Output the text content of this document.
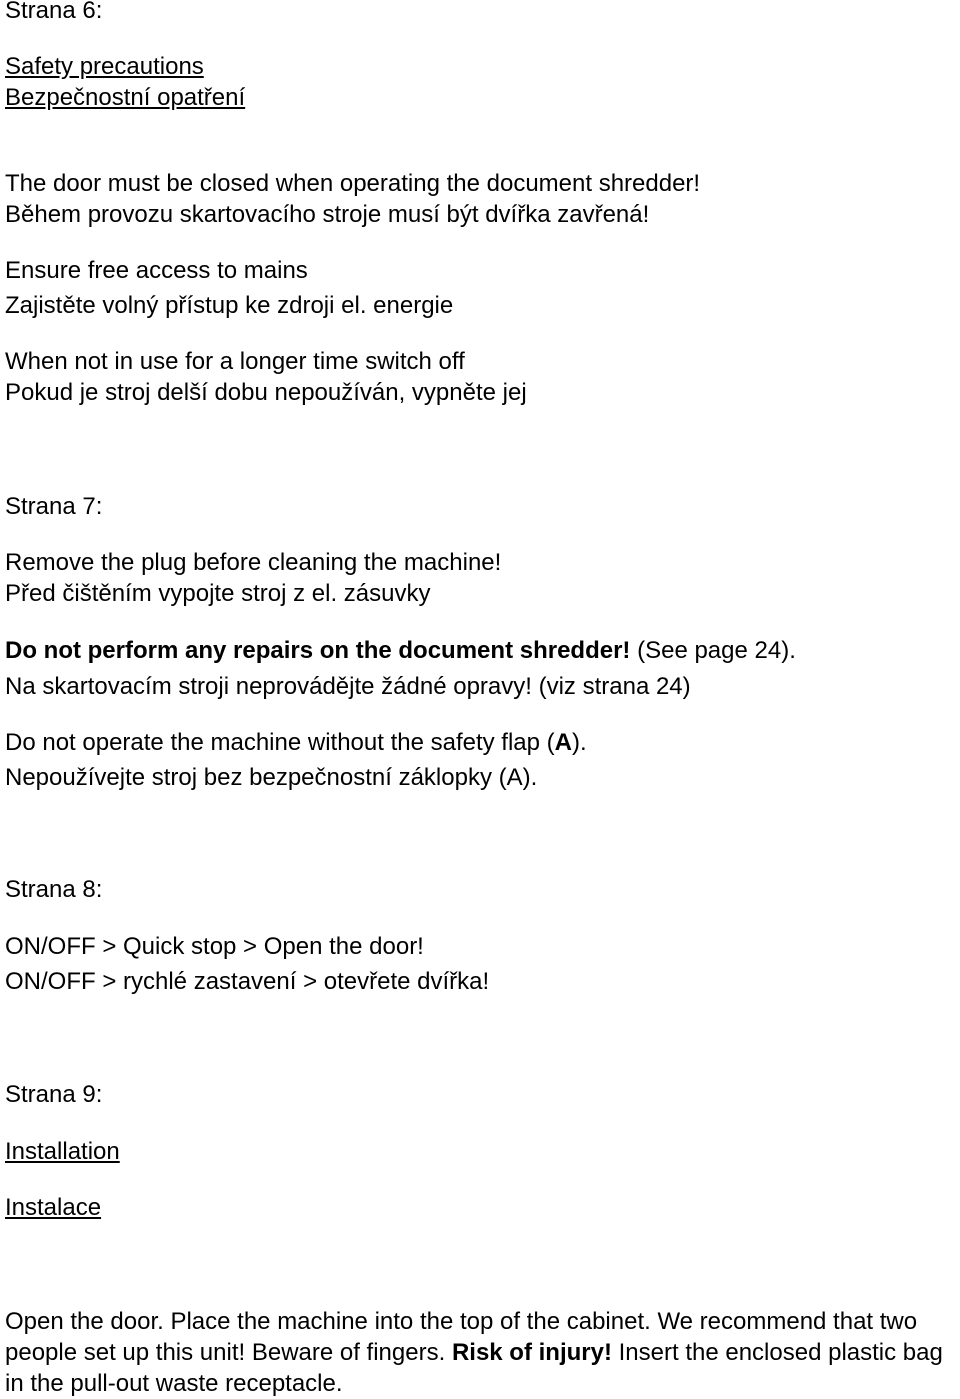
Strana 6:

Safety precautions

Bezpečnostní opatření

The door must be closed when operating the document shredder!

Během provozu skartovacího stroje musí být dvířka zavřená!

Ensure free access to mains

Zajistěte volný přístup ke zdroji el. energie

When not in use for a longer time switch off

Pokud je stroj delší dobu nepoužíván, vypněte jej

Strana 7:

Remove the plug before cleaning the machine!

Před čištěním vypojte stroj z el. zásuvky

Do not perform any repairs on the document shredder! (See page 24).

Na skartovacím stroji neprovádějte žádné opravy! (viz strana 24)

Do not operate the machine without the safety flap (A).

Nepoužívejte stroj bez bezpečnostní záklopky (A).

Strana 8:

ON/OFF > Quick stop > Open the door!

ON/OFF > rychlé zastavení > otevřete dvířka!

Strana 9:

Installation

Instalace

Open the door. Place the machine into the top of the cabinet. We recommend that two people set up this unit! Beware of fingers. Risk of injury! Insert the enclosed plastic bag in the pull-out waste receptacle.
